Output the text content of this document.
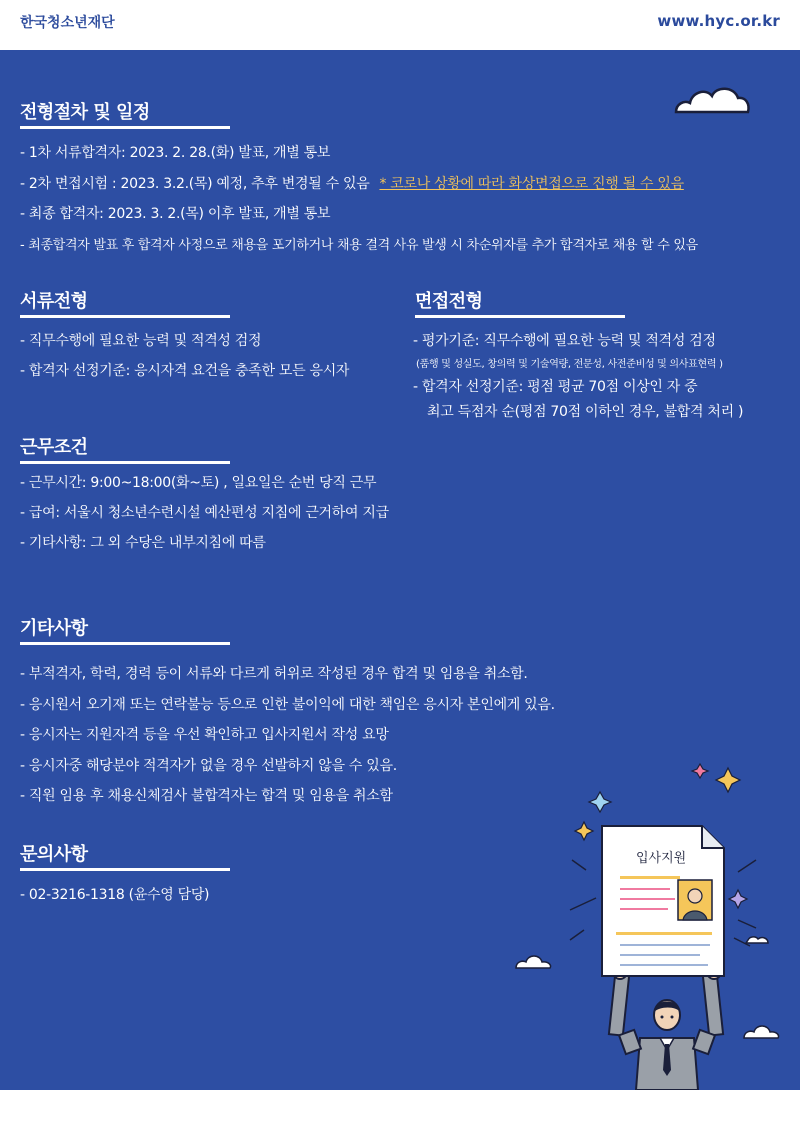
한국청소년재단	www.hyc.or.kr
전형절차 및 일정
- 1차 서류합격자: 2023. 2. 28.(화) 발표, 개별 통보
- 2차 면접시험 : 2023. 3.2.(목) 예정, 추후 변경될 수 있음 * 코로나 상황에 따라 화상면접으로 진행 될 수 있음
- 최종 합격자: 2023. 3. 2.(목) 이후 발표, 개별 통보
- 최종합격자 발표 후 합격자 사정으로 채용을 포기하거나 채용 결격 사유 발생 시 차순위자를 추가 합격자로 채용 할 수 있음
서류전형
- 직무수행에 필요한 능력 및 적격성 검정
- 합격자 선정기준: 응시자격 요건을 충족한 모든 응시자
면접전형
- 평가기준: 직무수행에 필요한 능력 및 적격성 검정
(품행 및 성실도, 창의력 및 기술역량, 전문성, 사전준비성 및 의사표현력 )
- 합격자 선정기준: 평점 평균 70점 이상인 자 중
최고 득점자 순(평점 70점 이하인 경우, 불합격 처리 )
근무조건
- 근무시간: 9:00~18:00(화~토) , 일요일은 순번 당직 근무
- 급여: 서울시 청소년수련시설 예산편성 지침에 근거하여 지급
- 기타사항: 그 외 수당은 내부지침에 따름
기타사항
- 부적격자, 학력, 경력 등이 서류와 다르게 허위로 작성된 경우 합격 및 임용을 취소함.
- 응시원서 오기재 또는 연락불능 등으로 인한 불이익에 대한 책임은 응시자 본인에게 있음.
- 응시자는 지원자격 등을 우선 확인하고 입사지원서 작성 요망
- 응시자중 해당분야 적격자가 없을 경우 선발하지 않을 수 있음.
- 직원 임용 후 채용신체검사 불합격자는 합격 및 임용을 취소함
문의사항
- 02-3216-1318 (윤수영 담당)
입사지원
